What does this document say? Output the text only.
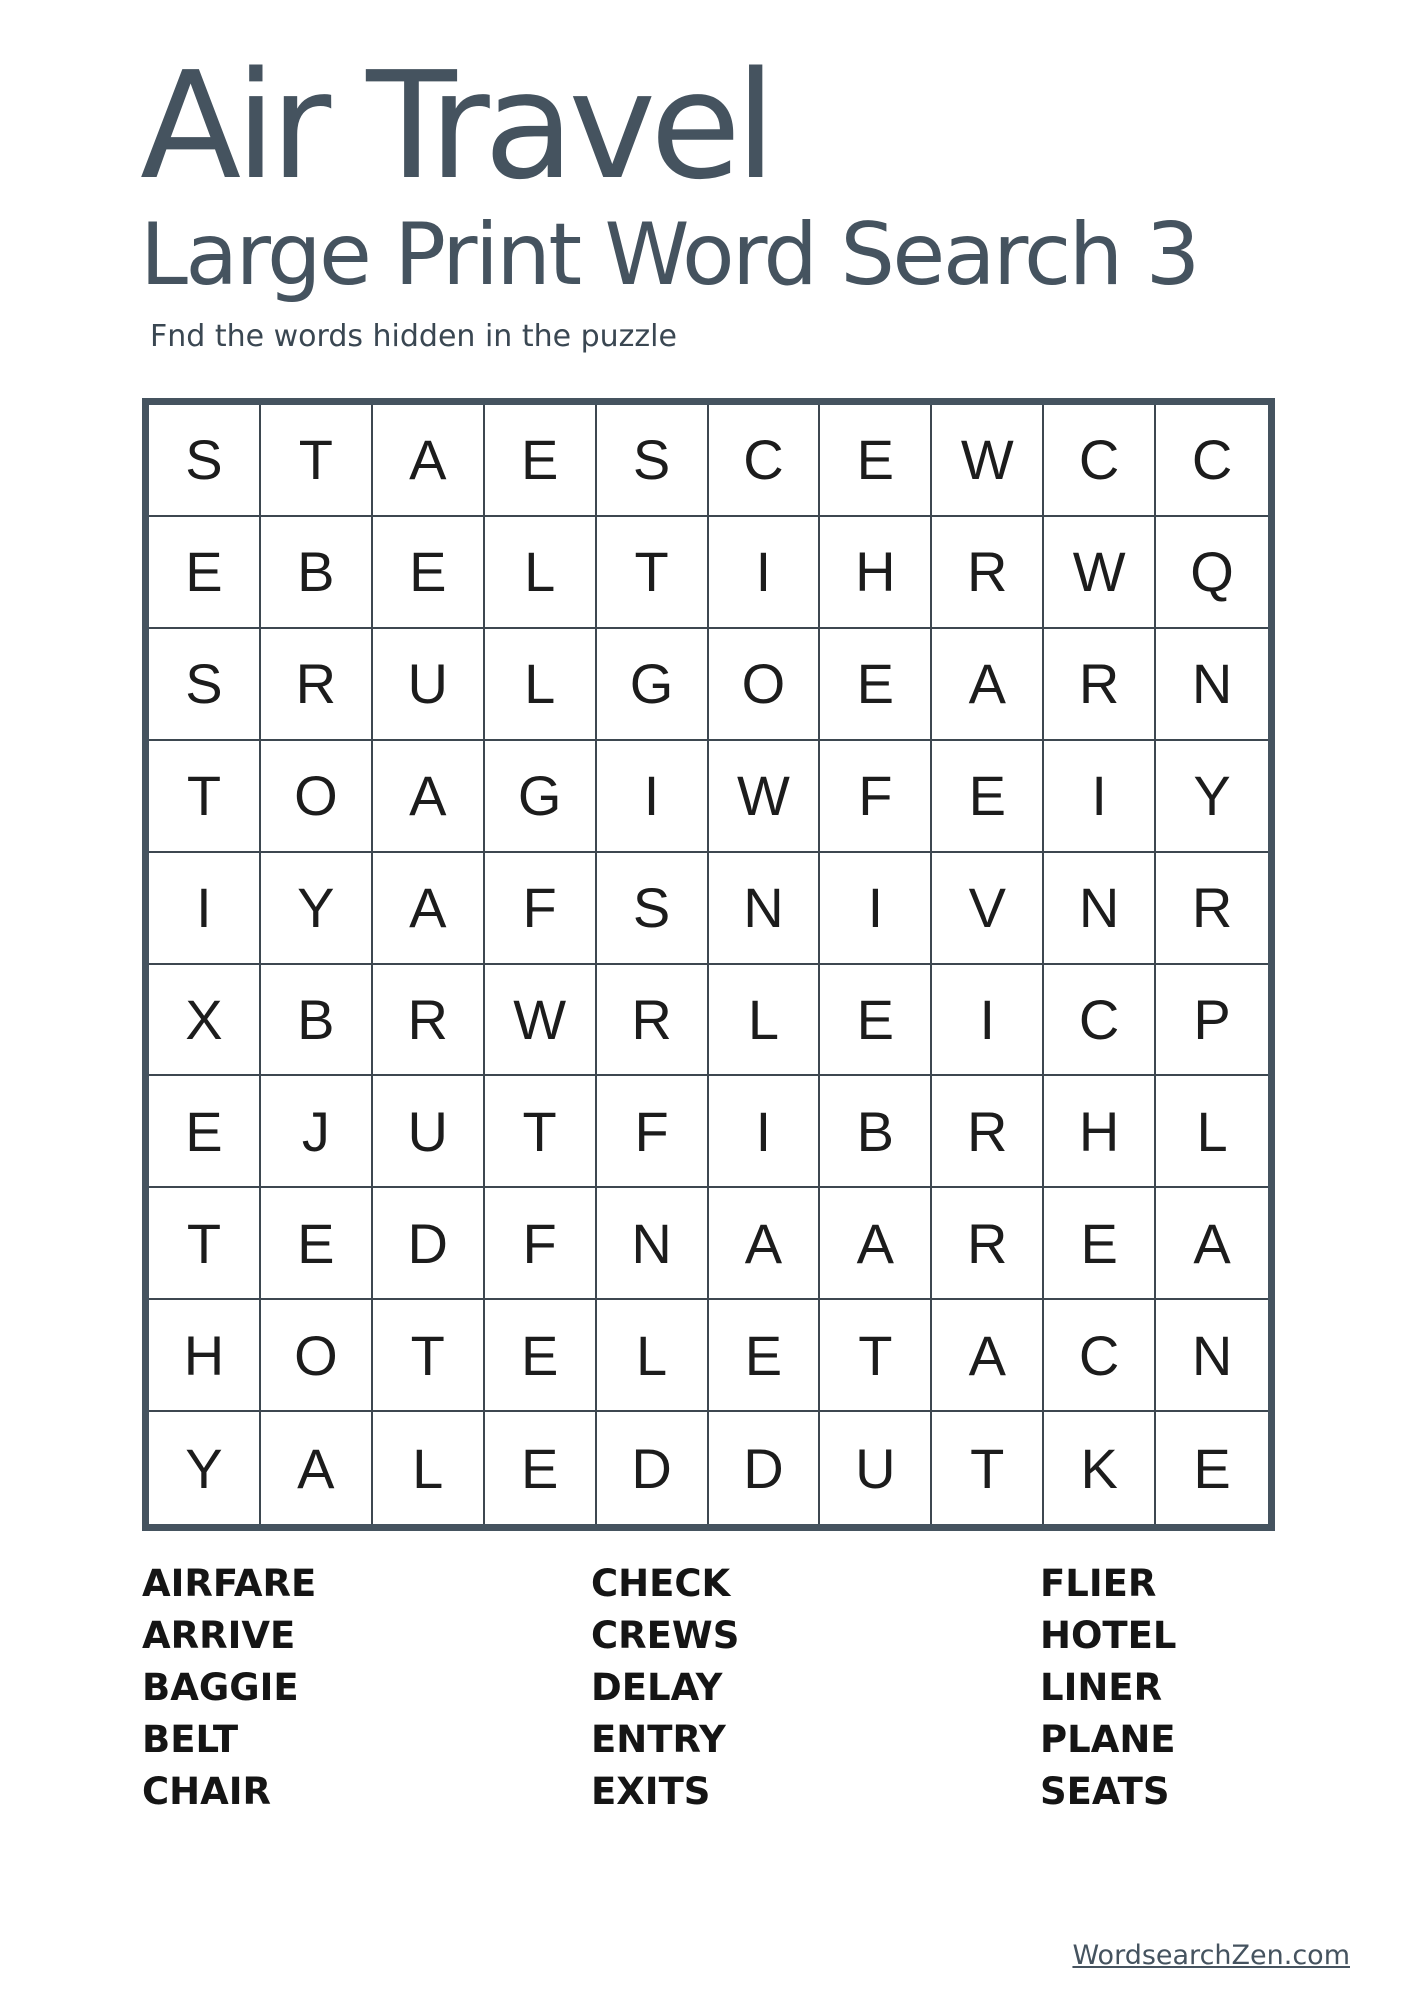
Air Travel
Large Print Word Search 3
Fnd the words hidden in the puzzle
S	T	A	E	S	C	E	W	C	C
E	B	E	L	T	I	H	R	W	Q
S	R	U	L	G	O	E	A	R	N
T	O	A	G	I	W	F	E	I	Y
I	Y	A	F	S	N	I	V	N	R
X	B	R	W	R	L	E	I	C	P
E	J	U	T	F	I	B	R	H	L
T	E	D	F	N	A	A	R	E	A
H	O	T	E	L	E	T	A	C	N
Y	A	L	E	D	D	U	T	K	E
AIRFARE
ARRIVE
BAGGIE
BELT
CHAIR
CHECK
CREWS
DELAY
ENTRY
EXITS
FLIER
HOTEL
LINER
PLANE
SEATS
WordsearchZen.com
